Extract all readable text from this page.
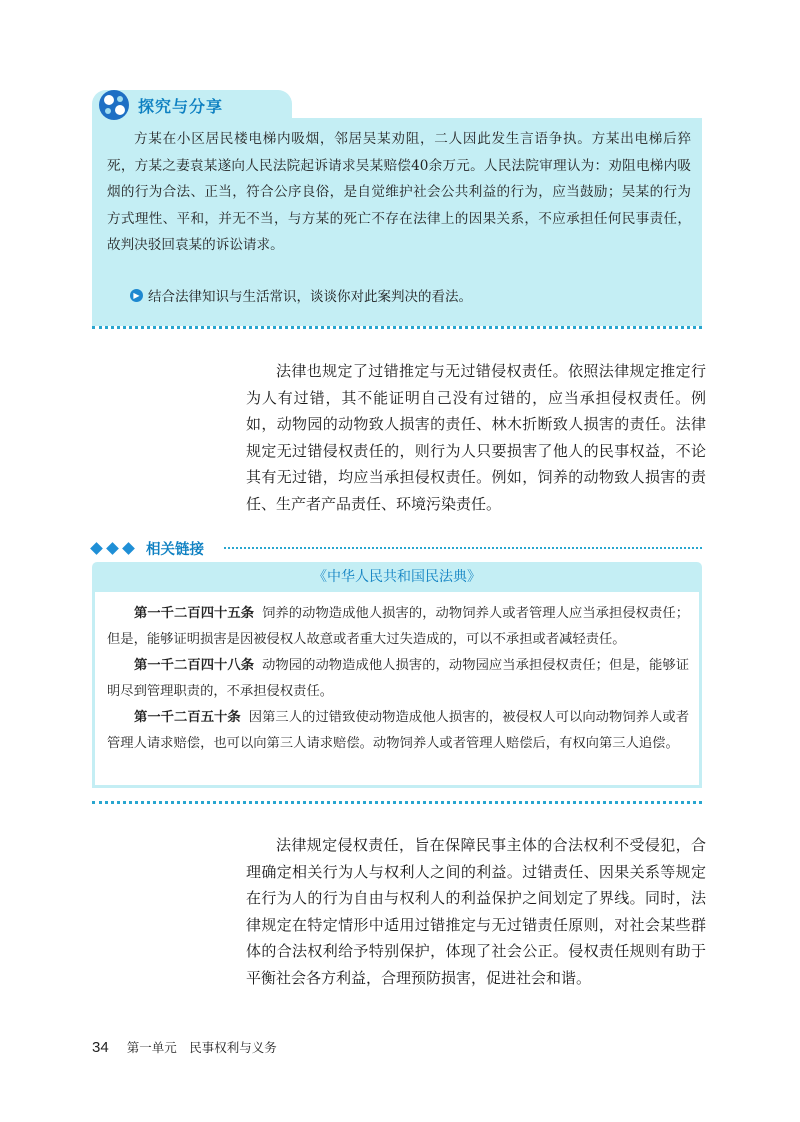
探究与分享

方某在小区居民楼电梯内吸烟，邻居吴某劝阻，二人因此发生言语争执。方某出电梯后猝死，方某之妻袁某遂向人民法院起诉请求吴某赔偿40余万元。人民法院审理认为：劝阻电梯内吸烟的行为合法、正当，符合公序良俗，是自觉维护社会公共利益的行为，应当鼓励；吴某的行为方式理性、平和，并无不当，与方某的死亡不存在法律上的因果关系，不应承担任何民事责任，故判决驳回袁某的诉讼请求。

▶ 结合法律知识与生活常识，谈谈你对此案判决的看法。

法律也规定了过错推定与无过错侵权责任。依照法律规定推定行为人有过错，其不能证明自己没有过错的，应当承担侵权责任。例如，动物园的动物致人损害的责任、林木折断致人损害的责任。法律规定无过错侵权责任的，则行为人只要损害了他人的民事权益，不论其有无过错，均应当承担侵权责任。例如，饲养的动物致人损害的责任、生产者产品责任、环境污染责任。

相关链接
《中华人民共和国民法典》

第一千二百四十五条 饲养的动物造成他人损害的，动物饲养人或者管理人应当承担侵权责任；但是，能够证明损害是因被侵权人故意或者重大过失造成的，可以不承担或者减轻责任。

第一千二百四十八条 动物园的动物造成他人损害的，动物园应当承担侵权责任；但是，能够证明尽到管理职责的，不承担侵权责任。

第一千二百五十条 因第三人的过错致使动物造成他人损害的，被侵权人可以向动物饲养人或者管理人请求赔偿，也可以向第三人请求赔偿。动物饲养人或者管理人赔偿后，有权向第三人追偿。

法律规定侵权责任，旨在保障民事主体的合法权利不受侵犯，合理确定相关行为人与权利人之间的利益。过错责任、因果关系等规定在行为人的行为自由与权利人的利益保护之间划定了界线。同时，法律规定在特定情形中适用过错推定与无过错责任原则，对社会某些群体的合法权利给予特别保护，体现了社会公正。侵权责任规则有助于平衡社会各方利益，合理预防损害，促进社会和谐。

34 第一单元　民事权利与义务
